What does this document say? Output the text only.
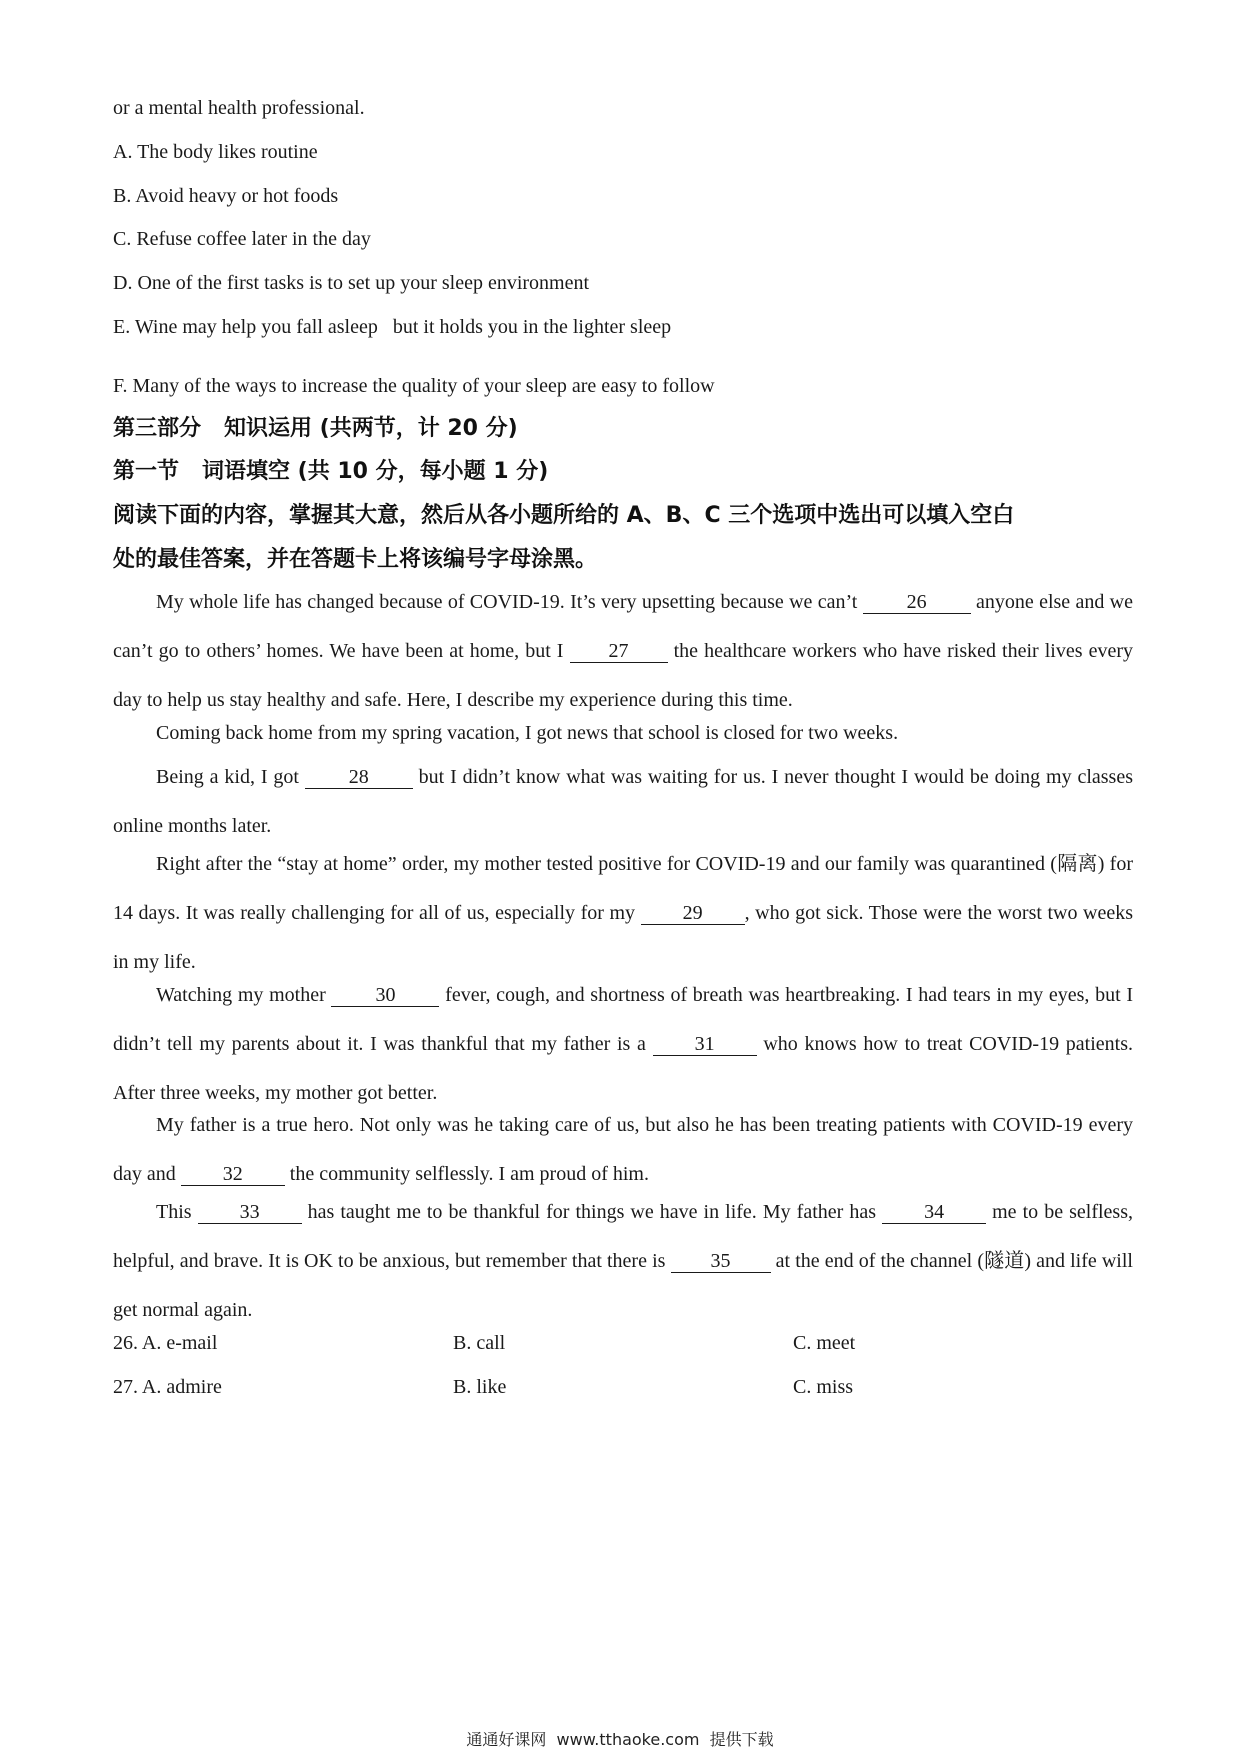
or a mental health professional.
A. The body likes routine
B. Avoid heavy or hot foods
C. Refuse coffee later in the day
D. One of the first tasks is to set up your sleep environment
E. Wine may help you fall asleep   but it holds you in the lighter sleep
F. Many of the ways to increase the quality of your sleep are easy to follow
第三部分   知识运用 (共两节，计 20 分)
第一节   词语填空 (共 10 分，每小题 1 分)
阅读下面的内容，掌握其大意，然后从各小题所给的 A、B、C 三个选项中选出可以填入空白
处的最佳答案，并在答题卡上将该编号字母涂黑。
My whole life has changed because of COVID-19. It’s very upsetting because we can’t 26 anyone else and we can’t go to others’ homes. We have been at home, but I 27 the healthcare workers who have risked their lives every day to help us stay healthy and safe. Here, I describe my experience during this time.
Coming back home from my spring vacation, I got news that school is closed for two weeks.
Being a kid, I got 28 but I didn’t know what was waiting for us. I never thought I would be doing my classes online months later.
Right after the “stay at home” order, my mother tested positive for COVID-19 and our family was quarantined (隔离) for 14 days. It was really challenging for all of us, especially for my 29 , who got sick. Those were the worst two weeks in my life.
Watching my mother 30 fever, cough, and shortness of breath was heartbreaking. I had tears in my eyes, but I didn’t tell my parents about it. I was thankful that my father is a 31 who knows how to treat COVID-19 patients. After three weeks, my mother got better.
My father is a true hero. Not only was he taking care of us, but also he has been treating patients with COVID-19 every day and 32 the community selflessly. I am proud of him.
This 33 has taught me to be thankful for things we have in life. My father has 34 me to be selfless, helpful, and brave. It is OK to be anxious, but remember that there is 35 at the end of the channel (隧道) and life will get normal again.
26. A. e-mail	B. call	C. meet
27. A. admire	B. like	C. miss
通通好课网  www.tthaoke.com  提供下载
